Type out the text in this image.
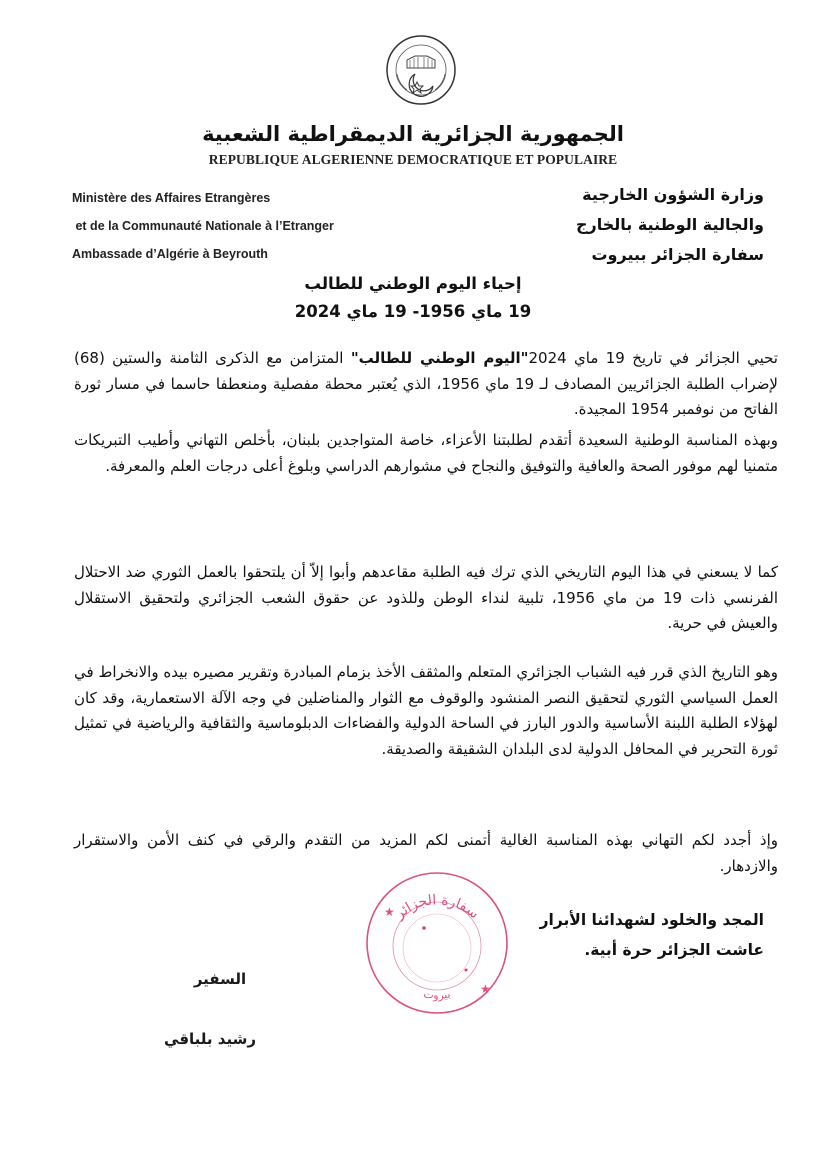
الجمهورية الجزائرية الديمقراطية الشعبية
REPUBLIQUE ALGERIENNE DEMOCRATIQUE ET POPULAIRE
Ministère des Affaires Etrangères
et de la Communauté Nationale à l’Etranger
Ambassade d’Algérie à Beyrouth
وزارة الشؤون الخارجية
والجالية الوطنية بالخارج
سفارة الجزائر ببيروت
إحياء اليوم الوطني للطالب
19 ماي 1956- 19 ماي 2024
تحيي الجزائر في تاريخ 19 ماي 2024"اليوم الوطني للطالب" المتزامن مع الذكرى الثامنة والستين (68) لإضراب الطلبة الجزائريين المصادف لـ 19 ماي 1956، الذي يُعتبر محطة مفصلية ومنعطفا حاسما في مسار ثورة الفاتح من نوفمبر 1954 المجيدة.
وبهذه المناسبة الوطنية السعيدة أتقدم لطلبتنا الأعزاء، خاصة المتواجدين بلبنان، بأخلص التهاني وأطيب التبريكات متمنيا لهم موفور الصحة والعافية والتوفيق والنجاح في مشوارهم الدراسي وبلوغ أعلى درجات العلم والمعرفة.
كما لا يسعني في هذا اليوم التاريخي الذي ترك فيه الطلبة مقاعدهم وأبوا إلاّ أن يلتحقوا بالعمل الثوري ضد الاحتلال الفرنسي ذات 19 من ماي 1956، تلبية لنداء الوطن وللذود عن حقوق الشعب الجزائري ولتحقيق الاستقلال والعيش في حرية.
وهو التاريخ الذي قرر فيه الشباب الجزائري المتعلم والمثقف الأخذ بزمام المبادرة وتقرير مصيره بيده والانخراط في العمل السياسي الثوري لتحقيق النصر المنشود والوقوف مع الثوار والمناضلين في وجه الآلة الاستعمارية، وقد كان لهؤلاء الطلبة اللبنة الأساسية والدور البارز في الساحة الدولية والفضاءات الدبلوماسية والثقافية والرياضية في تمثيل ثورة التحرير في المحافل الدولية لدى البلدان الشقيقة والصديقة.
وإذ أجدد لكم التهاني بهذه المناسبة الغالية أتمنى لكم المزيد من التقدم والرقي في كنف الأمن والاستقرار والازدهار.
سفارة الجزائر
بيروت
★
★
المجد والخلود لشهدائنا الأبرار
عاشت الجزائر حرة أبية.
السفير
رشيد بلباقي
